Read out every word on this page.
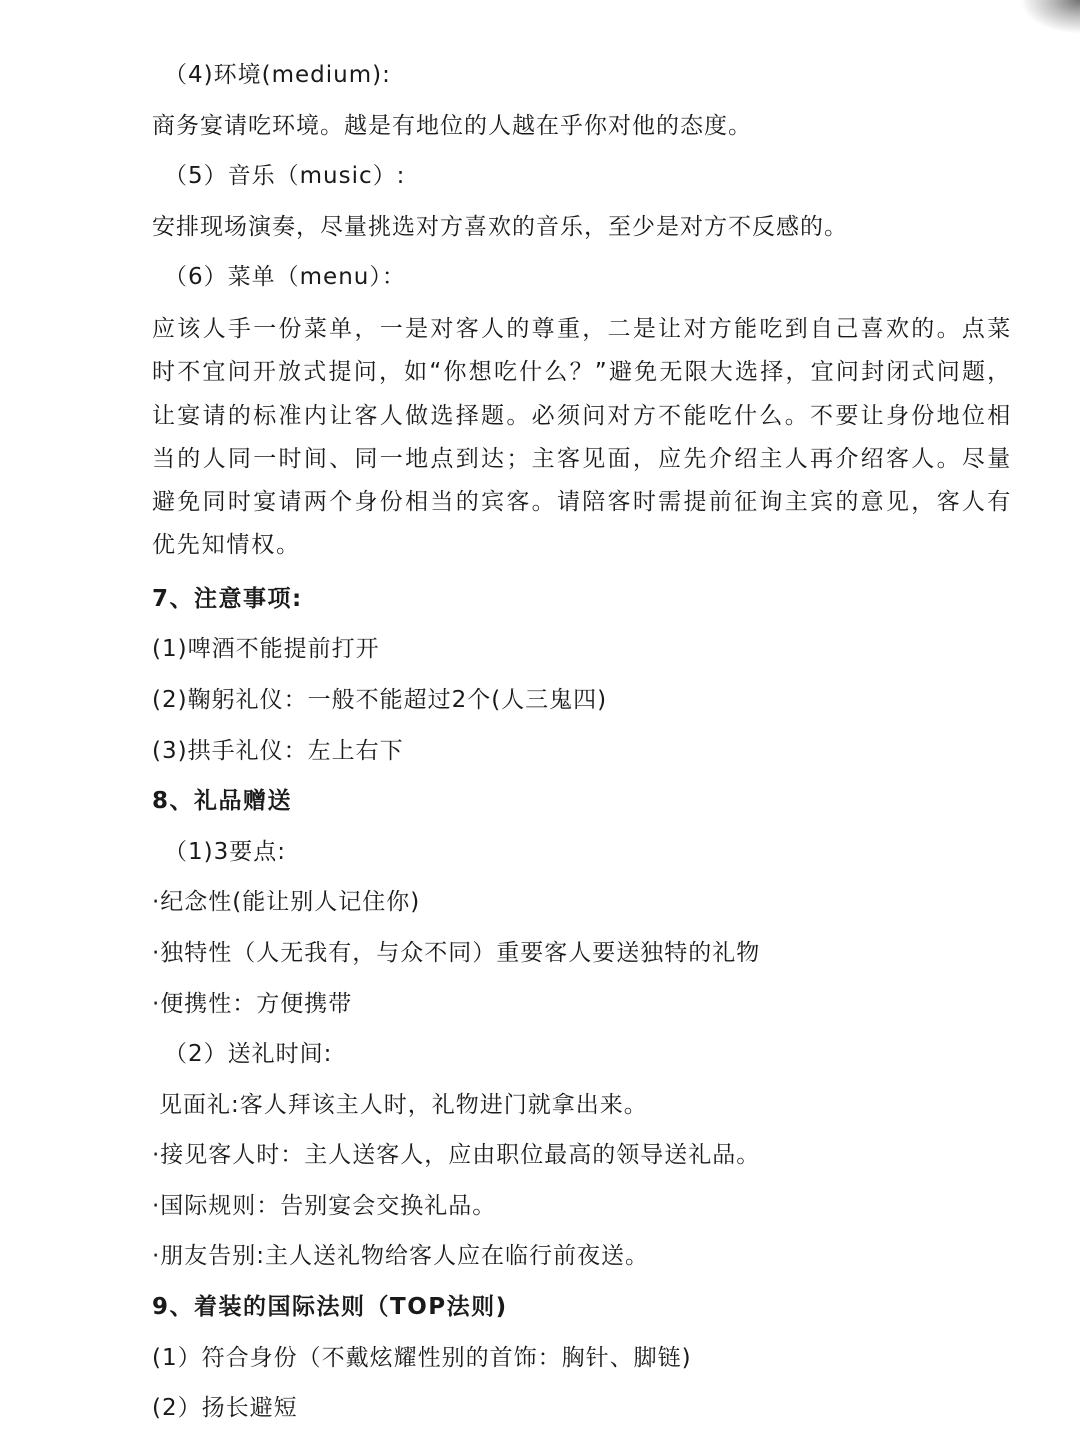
（4)环境(medium):
商务宴请吃环境。越是有地位的人越在乎你对他的态度。
（5）音乐（music）:
安排现场演奏，尽量挑选对方喜欢的音乐，至少是对方不反感的。
（6）菜单（menu）：
应该人手一份菜单，一是对客人的尊重，二是让对方能吃到自己喜欢的。点菜时不宜问开放式提问，如“你想吃什么？”避免无限大选择，宜问封闭式问题，让宴请的标准内让客人做选择题。必须问对方不能吃什么。不要让身份地位相当的人同一时间、同一地点到达；主客见面，应先介绍主人再介绍客人。尽量避免同时宴请两个身份相当的宾客。请陪客时需提前征询主宾的意见，客人有优先知情权。
7、注意事项:
(1)啤酒不能提前打开
(2)鞠躬礼仪：一般不能超过2个(人三鬼四)
(3)拱手礼仪：左上右下
8、礼品赠送
（1)3要点:
·纪念性(能让别人记住你)
·独特性（人无我有，与众不同）重要客人要送独特的礼物
·便携性：方便携带
（2）送礼时间:
见面礼:客人拜该主人时，礼物进门就拿出来。
·接见客人时：主人送客人，应由职位最高的领导送礼品。
·国际规则：告别宴会交换礼品。
·朋友告别:主人送礼物给客人应在临行前夜送。
9、着装的国际法则（TOP法则)
(1）符合身份（不戴炫耀性别的首饰：胸针、脚链)
(2）扬长避短
